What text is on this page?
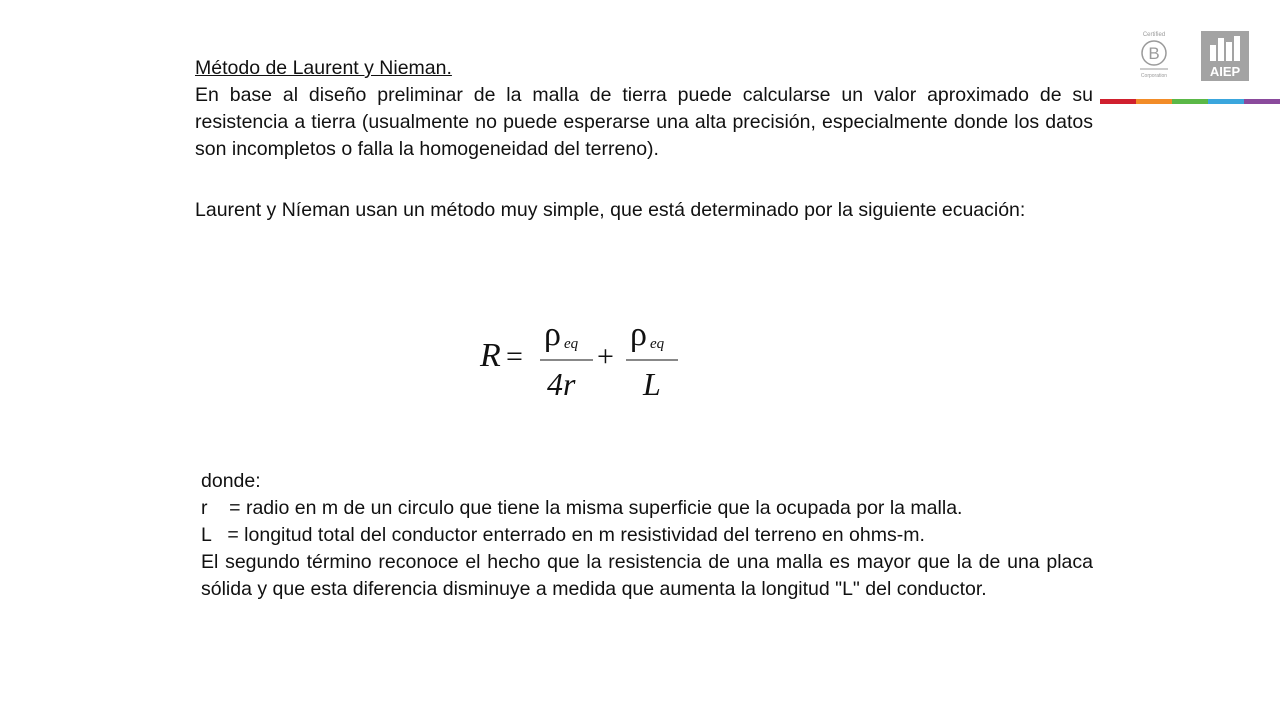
Certified
B
Corporation	AIEP
Método de Laurent y Nieman.
En base al diseño preliminar de la malla de tierra puede calcularse un valor aproximado de su resistencia a tierra (usualmente no puede esperarse una alta precisión, especialmente donde los datos son incompletos o falla la homogeneidad del terreno).
Laurent y Níeman usan un método muy simple, que está determinado por la siguiente ecuación:
R =
ρ eq
4r
+
ρ eq
L
donde:
r    = radio en m de un circulo que tiene la misma superficie que la ocupada por la malla.
L   = longitud total del conductor enterrado en m resistividad del terreno en ohms-m.
El segundo término reconoce el hecho que la resistencia de una malla es mayor que la de una placa sólida y que esta diferencia disminuye a medida que aumenta la longitud "L" del conductor.
